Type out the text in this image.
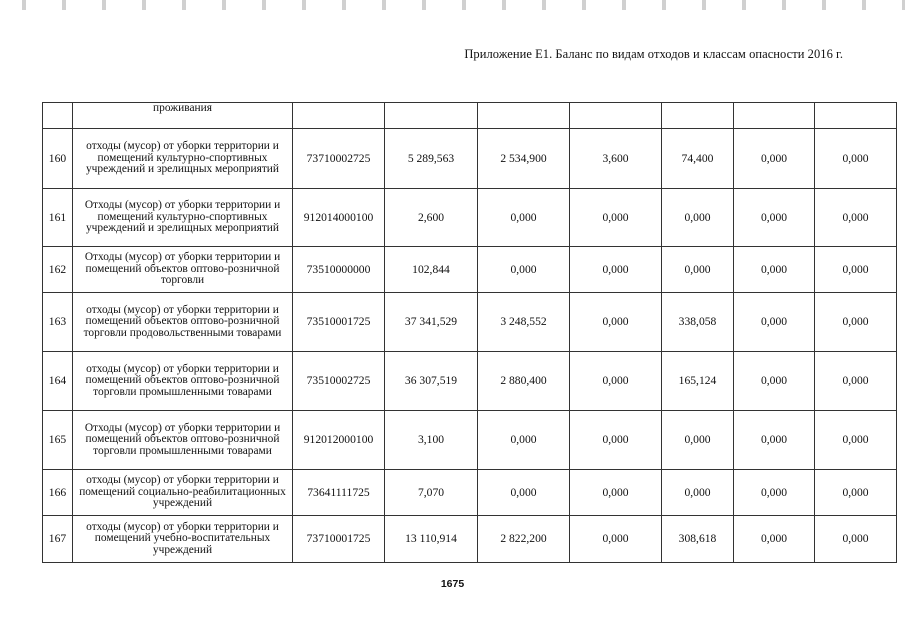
Приложение Е1. Баланс по видам отходов и классам опасности 2016 г.
	проживания							
160	отходы (мусор) от уборки территории и помещений культурно-спортивных учреждений и зрелищных мероприятий	73710002725	5 289,563	2 534,900	3,600	74,400	0,000	0,000
161	Отходы (мусор) от уборки территории и помещений культурно-спортивных учреждений и зрелищных мероприятий	912014000100	2,600	0,000	0,000	0,000	0,000	0,000
162	Отходы (мусор) от уборки территории и помещений объектов оптово-розничной торговли	73510000000	102,844	0,000	0,000	0,000	0,000	0,000
163	отходы (мусор) от уборки территории и помещений объектов оптово-розничной торговли продовольственными товарами	73510001725	37 341,529	3 248,552	0,000	338,058	0,000	0,000
164	отходы (мусор) от уборки территории и помещений объектов оптово-розничной торговли промышленными товарами	73510002725	36 307,519	2 880,400	0,000	165,124	0,000	0,000
165	Отходы (мусор) от уборки территории и помещений объектов оптово-розничной торговли промышленными товарами	912012000100	3,100	0,000	0,000	0,000	0,000	0,000
166	отходы (мусор) от уборки территории и помещений социально-реабилитационных учреждений	73641111725	7,070	0,000	0,000	0,000	0,000	0,000
167	отходы (мусор) от уборки территории и помещений учебно-воспитательных учреждений	73710001725	13 110,914	2 822,200	0,000	308,618	0,000	0,000
1675
